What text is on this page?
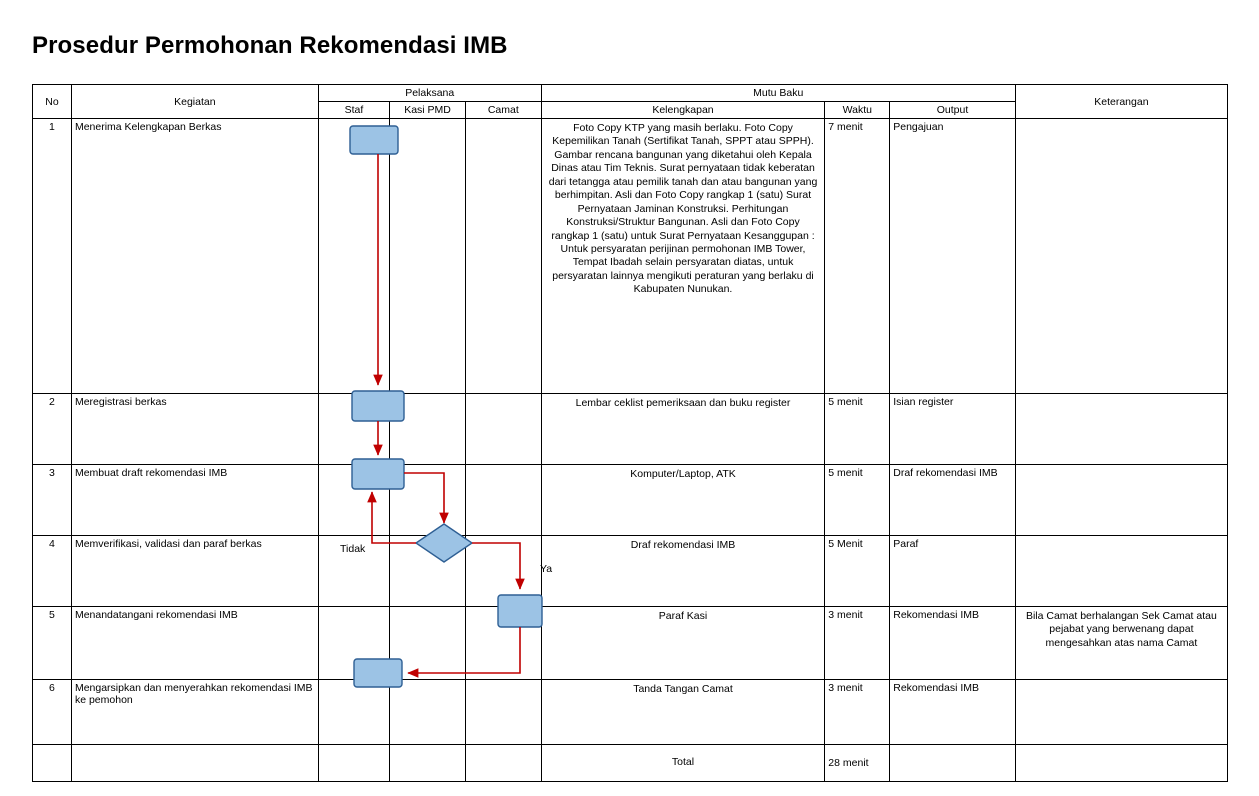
Prosedur Permohonan Rekomendasi IMB
No	Kegiatan	Pelaksana			Mutu Baku			Keterangan
		Staf	Kasi PMD	Camat	Kelengkapan	Waktu	Output	
1	Menerima Kelengkapan Berkas				Foto Copy KTP yang masih berlaku. Foto Copy Kepemilikan Tanah (Sertifikat Tanah, SPPT atau SPPH). Gambar rencana bangunan yang diketahui oleh Kepala Dinas atau Tim Teknis. Surat pernyataan tidak keberatan dari tetangga atau pemilik tanah dan atau bangunan yang berhimpitan. Asli dan Foto Copy rangkap 1 (satu) Surat Pernyataan Jaminan Konstruksi. Perhitungan Konstruksi/Struktur Bangunan. Asli dan Foto Copy rangkap 1 (satu) untuk Surat Pernyataan Kesanggupan : Untuk persyaratan perijinan permohonan IMB Tower, Tempat Ibadah selain persyaratan diatas, untuk persyaratan lainnya mengikuti peraturan yang berlaku di Kabupaten Nunukan.	7 menit	Pengajuan	
2	Meregistrasi berkas				Lembar ceklist pemeriksaan dan buku register	5 menit	Isian register	
3	Membuat draft rekomendasi IMB				Komputer/Laptop, ATK	5 menit	Draf rekomendasi IMB	
4	Memverifikasi, validasi dan paraf berkas				Draf rekomendasi IMB	5 Menit	Paraf	
5	Menandatangani rekomendasi IMB				Paraf Kasi	3 menit	Rekomendasi IMB	Bila Camat berhalangan Sek Camat atau pejabat yang berwenang dapat mengesahkan atas nama Camat
6	Mengarsipkan dan menyerahkan rekomendasi IMB ke pemohon				Tanda Tangan Camat	3 menit	Rekomendasi IMB	
					Total	28 menit		
Tidak
Ya
